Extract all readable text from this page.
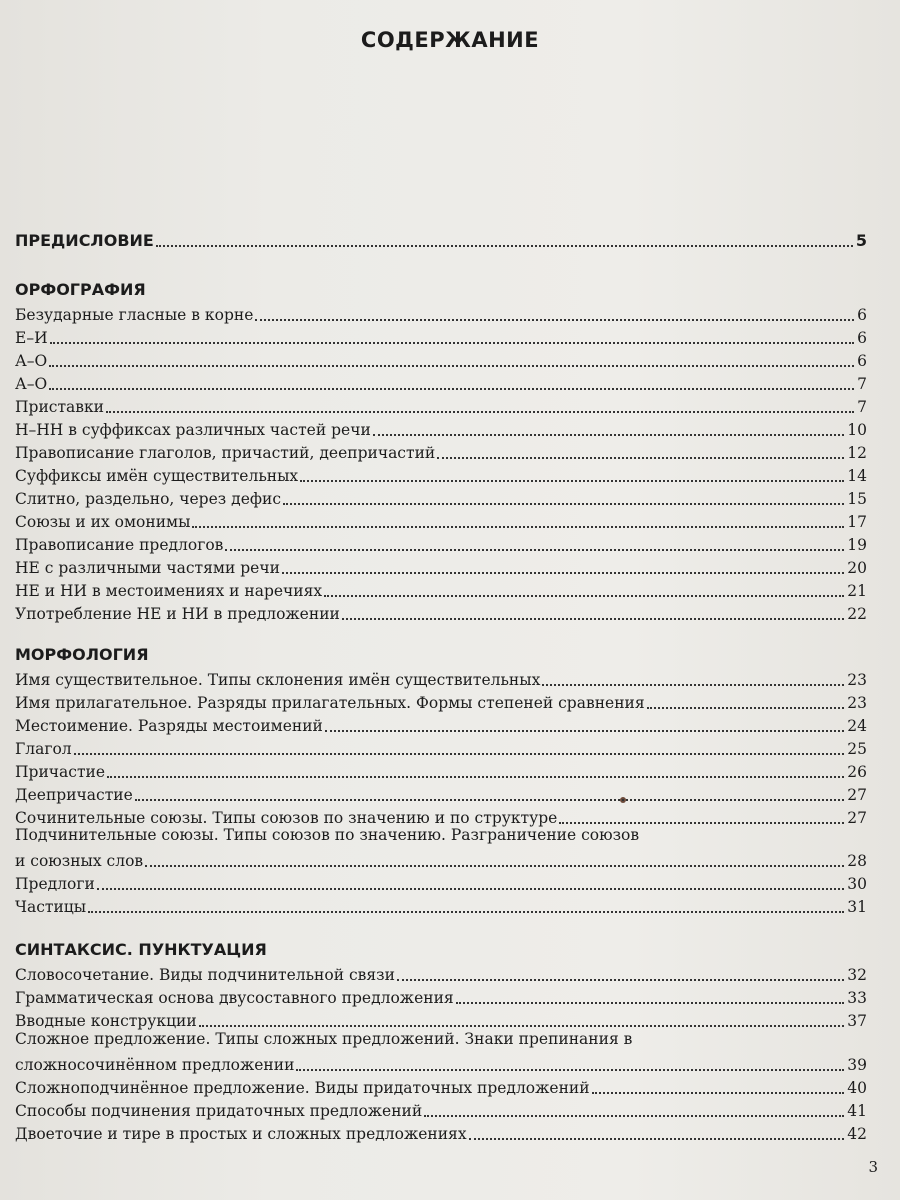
СОДЕРЖАНИЕ
ПРЕДИСЛОВИЕ	5
ОРФОГРАФИЯ
Безударные гласные в корне	6
Е–И	6
А–О	6
А–О	7
Приставки	7
Н–НН в суффиксах различных частей речи	10
Правописание глаголов, причастий, деепричастий	12
Суффиксы имён существительных	14
Слитно, раздельно, через дефис	15
Союзы и их омонимы	17
Правописание предлогов	19
НЕ с различными частями речи	20
НЕ и НИ в местоимениях и наречиях	21
Употребление НЕ и НИ в предложении	22
МОРФОЛОГИЯ
Имя существительное. Типы склонения имён существительных	23
Имя прилагательное. Разряды прилагательных. Формы степеней сравнения	23
Местоимение. Разряды местоимений	24
Глагол	25
Причастие	26
Деепричастие	27
Сочинительные союзы. Типы союзов по значению и по структуре	27
Подчинительные союзы. Типы союзов по значению. Разграничение союзов
и союзных слов	28
Предлоги	30
Частицы	31
СИНТАКСИС. ПУНКТУАЦИЯ
Словосочетание. Виды подчинительной связи	32
Грамматическая основа двусоставного предложения	33
Вводные конструкции	37
Сложное предложение. Типы сложных предложений. Знаки препинания в
сложносочинённом предложении	39
Сложноподчинённое предложение. Виды придаточных предложений	40
Способы подчинения придаточных предложений	41
Двоеточие и тире в простых и сложных предложениях	42
3
